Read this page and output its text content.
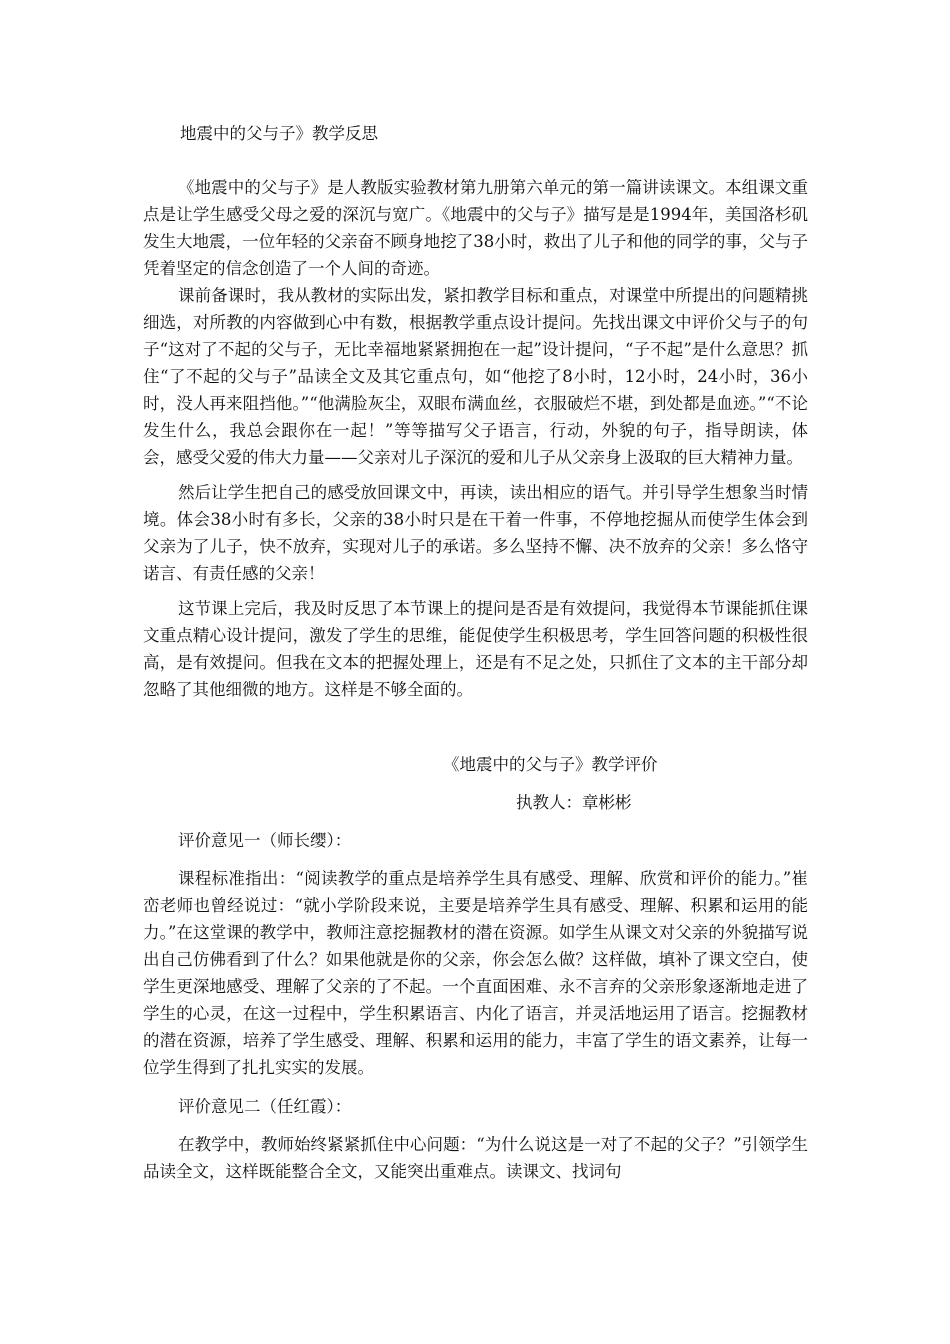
地震中的父与子》教学反思

《地震中的父与子》是人教版实验教材第九册第六单元的第一篇讲读课文。本组课文重点是让学生感受父母之爱的深沉与宽广。《地震中的父与子》描写是是1994年，美国洛杉矶发生大地震，一位年轻的父亲奋不顾身地挖了38小时，救出了儿子和他的同学的事，父与子凭着坚定的信念创造了一个人间的奇迹。

课前备课时，我从教材的实际出发，紧扣教学目标和重点，对课堂中所提出的问题精挑细选，对所教的内容做到心中有数，根据教学重点设计提问。先找出课文中评价父与子的句子“这对了不起的父与子，无比幸福地紧紧拥抱在一起”设计提问，“子不起”是什么意思？抓住“了不起的父与子”品读全文及其它重点句，如“他挖了8小时，12小时，24小时，36小时，没人再来阻挡他。”“他满脸灰尘，双眼布满血丝，衣服破烂不堪，到处都是血迹。”“不论发生什么，我总会跟你在一起！”等等描写父子语言，行动，外貌的句子，指导朗读，体会，感受父爱的伟大力量——父亲对儿子深沉的爱和儿子从父亲身上汲取的巨大精神力量。

然后让学生把自己的感受放回课文中，再读，读出相应的语气。并引导学生想象当时情境。体会38小时有多长，父亲的38小时只是在干着一件事，不停地挖掘从而使学生体会到父亲为了儿子，快不放弃，实现对儿子的承诺。多么坚持不懈、决不放弃的父亲！多么恪守诺言、有责任感的父亲！

这节课上完后，我及时反思了本节课上的提问是否是有效提问，我觉得本节课能抓住课文重点精心设计提问，激发了学生的思维，能促使学生积极思考，学生回答问题的积极性很高，是有效提问。但我在文本的把握处理上，还是有不足之处，只抓住了文本的主干部分却忽略了其他细微的地方。这样是不够全面的。

《地震中的父与子》教学评价
执教人：章彬彬
评价意见一（师长缨）：

课程标准指出：“阅读教学的重点是培养学生具有感受、理解、欣赏和评价的能力。”崔峦老师也曾经说过：“就小学阶段来说，主要是培养学生具有感受、理解、积累和运用的能力。”在这堂课的教学中，教师注意挖掘教材的潜在资源。如学生从课文对父亲的外貌描写说出自己仿佛看到了什么？如果他就是你的父亲，你会怎么做？这样做，填补了课文空白，使学生更深地感受、理解了父亲的了不起。一个直面困难、永不言弃的父亲形象逐渐地走进了学生的心灵，在这一过程中，学生积累语言、内化了语言，并灵活地运用了语言。挖掘教材的潜在资源，培养了学生感受、理解、积累和运用的能力，丰富了学生的语文素养，让每一位学生得到了扎扎实实的发展。

评价意见二（任红霞）：

在教学中，教师始终紧紧抓住中心问题：“为什么说这是一对了不起的父子？”引领学生品读全文，这样既能整合全文，又能突出重难点。读课文、找词句
